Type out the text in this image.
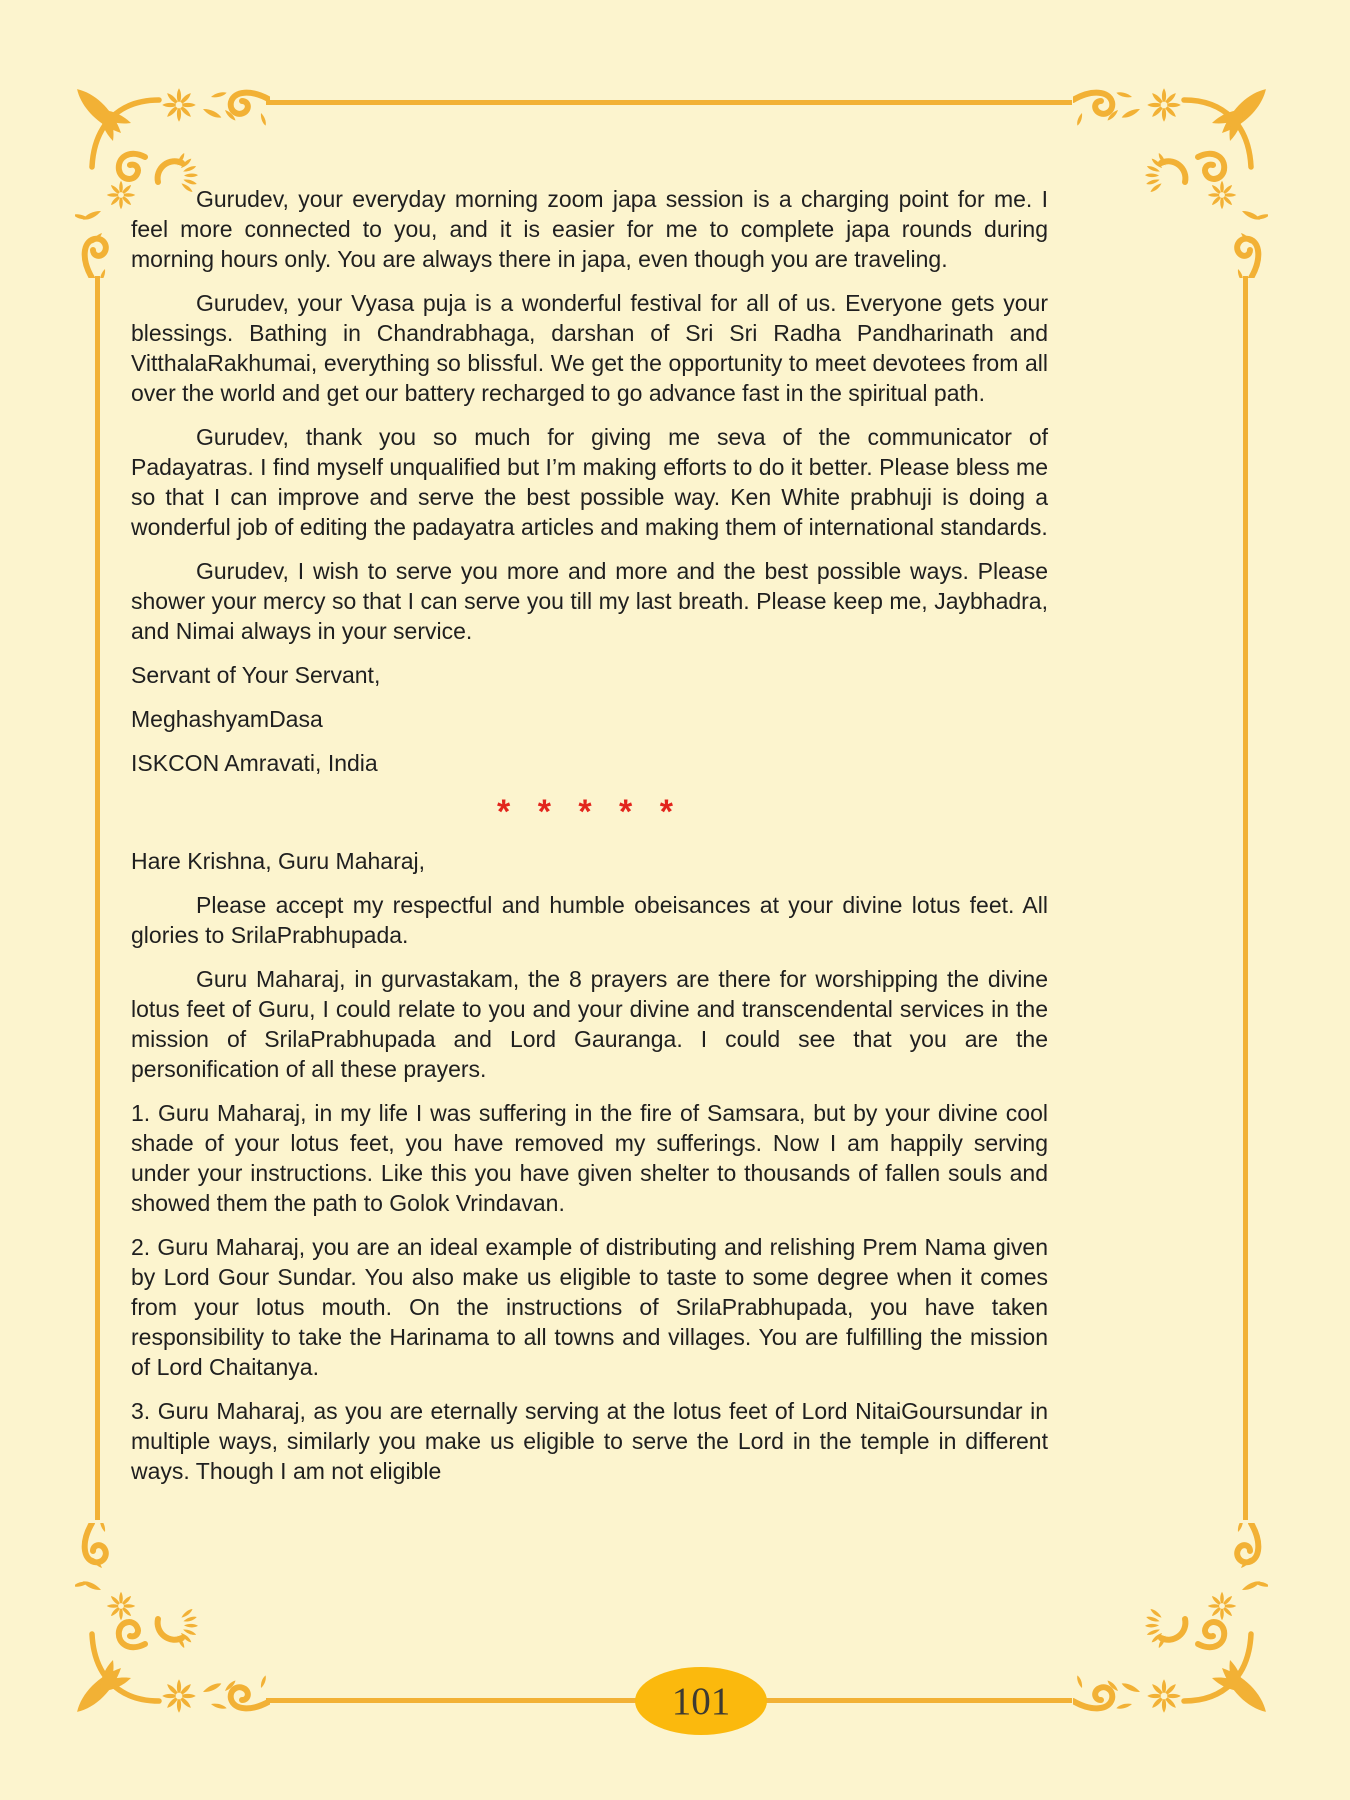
Gurudev, your everyday morning zoom japa session is a charging point for me. I feel more connected to you, and it is easier for me to complete japa rounds during morning hours only. You are always there in japa, even though you are traveling.

Gurudev, your Vyasa puja is a wonderful festival for all of us. Everyone gets your blessings. Bathing in Chandrabhaga, darshan of Sri Sri Radha Pandharinath and VitthalaRakhumai, everything so blissful. We get the opportunity to meet devotees from all over the world and get our battery recharged to go advance fast in the spiritual path.

Gurudev, thank you so much for giving me seva of the communicator of Padayatras. I find myself unqualified but I’m making efforts to do it better. Please bless me so that I can improve and serve the best possible way. Ken White prabhuji is doing a wonderful job of editing the padayatra articles and making them of international standards.

Gurudev, I wish to serve you more and more and the best possible ways. Please shower your mercy so that I can serve you till my last breath. Please keep me, Jaybhadra, and Nimai always in your service.

Servant of Your Servant,

MeghashyamDasa

ISKCON Amravati, India

* * * * *

Hare Krishna, Guru Maharaj,

Please accept my respectful and humble obeisances at your divine lotus feet. All glories to SrilaPrabhupada.

Guru Maharaj, in gurvastakam, the 8 prayers are there for worshipping the divine lotus feet of Guru, I could relate to you and your divine and transcendental services in the mission of SrilaPrabhupada and Lord Gauranga. I could see that you are the personification of all these prayers.

1. Guru Maharaj, in my life I was suffering in the fire of Samsara, but by your divine cool shade of your lotus feet, you have removed my sufferings. Now I am happily serving under your instructions. Like this you have given shelter to thousands of fallen souls and showed them the path to Golok Vrindavan.

2. Guru Maharaj, you are an ideal example of distributing and relishing Prem Nama given by Lord Gour Sundar. You also make us eligible to taste to some degree when it comes from your lotus mouth. On the instructions of SrilaPrabhupada, you have taken responsibility to take the Harinama to all towns and villages. You are fulfilling the mission of Lord Chaitanya.

3. Guru Maharaj, as you are eternally serving at the lotus feet of Lord NitaiGoursundar in multiple ways, similarly you make us eligible to serve the Lord in the temple in different ways. Though I am not eligible

101
